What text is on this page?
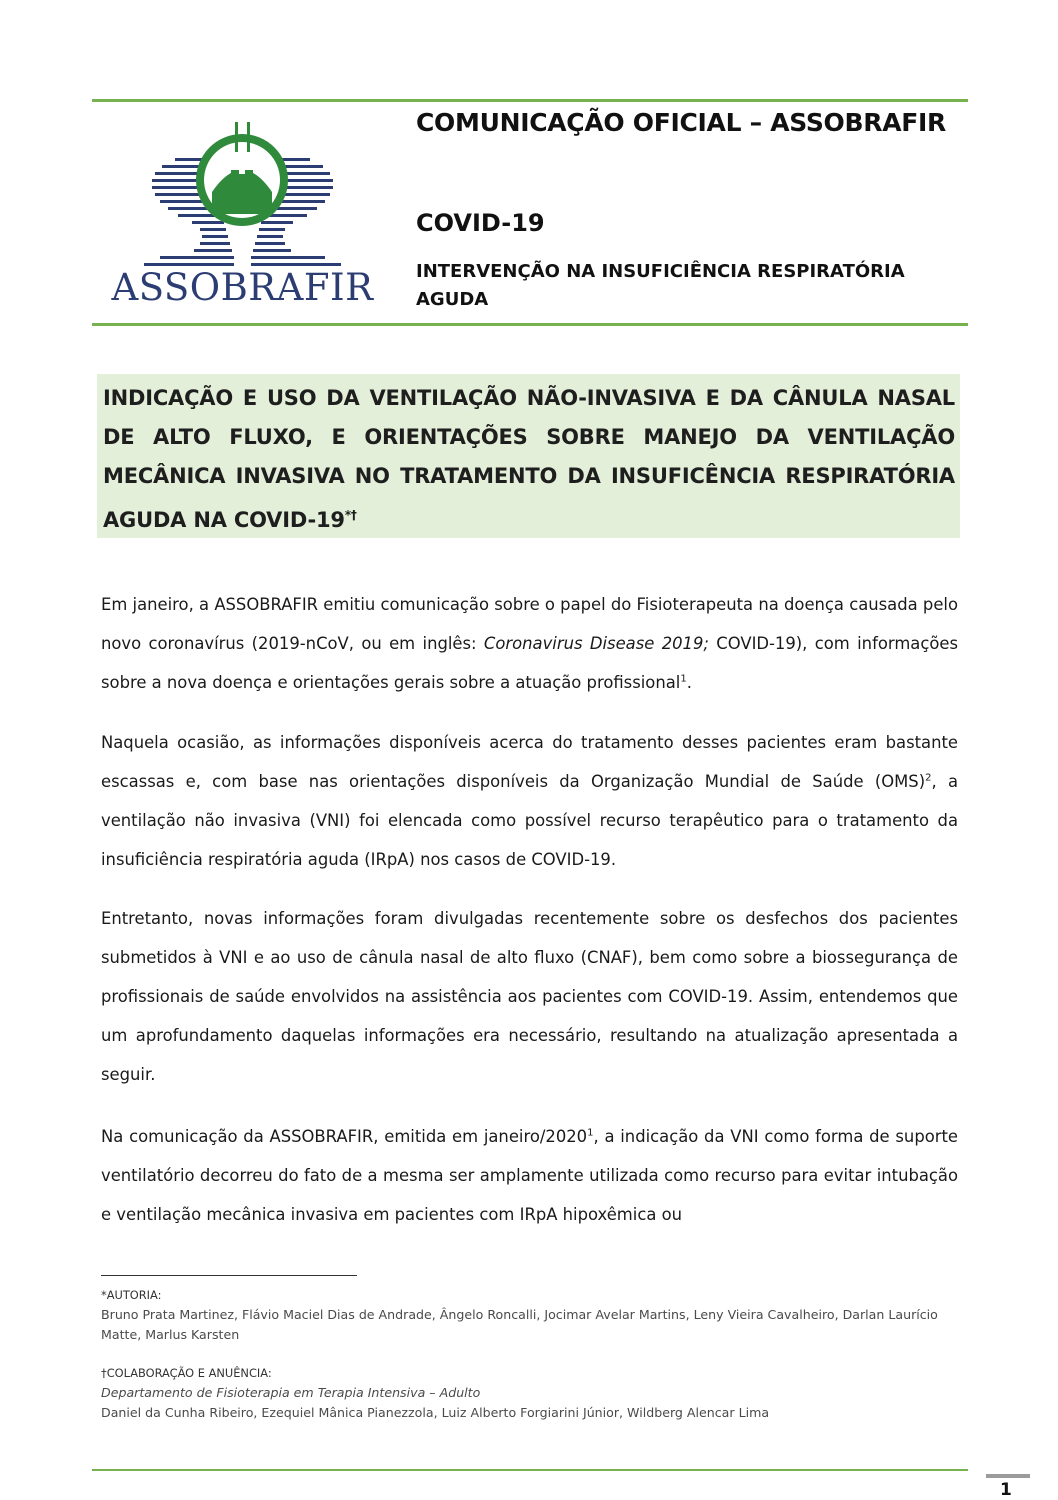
ASSOBRAFIR
COMUNICAÇÃO OFICIAL – ASSOBRAFIR
COVID-19
INTERVENÇÃO NA INSUFICIÊNCIA RESPIRATÓRIA AGUDA
INDICAÇÃO E USO DA VENTILAÇÃO NÃO-INVASIVA E DA CÂNULA NASAL DE ALTO FLUXO, E ORIENTAÇÕES SOBRE MANEJO DA VENTILAÇÃO MECÂNICA INVASIVA NO TRATAMENTO DA INSUFICÊNCIA RESPIRATÓRIA AGUDA NA COVID-19*†
Em janeiro, a ASSOBRAFIR emitiu comunicação sobre o papel do Fisioterapeuta na doença causada pelo novo coronavírus (2019-nCoV, ou em inglês: Coronavirus Disease 2019; COVID-19), com informações sobre a nova doença e orientações gerais sobre a atuação profissional$^1$.
Naquela ocasião, as informações disponíveis acerca do tratamento desses pacientes eram bastante escassas e, com base nas orientações disponíveis da Organização Mundial de Saúde (OMS)$^2$, a ventilação não invasiva (VNI) foi elencada como possível recurso terapêutico para o tratamento da insuficiência respiratória aguda (IRpA) nos casos de COVID-19.
Entretanto, novas informações foram divulgadas recentemente sobre os desfechos dos pacientes submetidos à VNI e ao uso de cânula nasal de alto fluxo (CNAF), bem como sobre a biossegurança de profissionais de saúde envolvidos na assistência aos pacientes com COVID-19. Assim, entendemos que um aprofundamento daquelas informações era necessário, resultando na atualização apresentada a seguir.
Na comunicação da ASSOBRAFIR, emitida em janeiro/2020$^1$, a indicação da VNI como forma de suporte ventilatório decorreu do fato de a mesma ser amplamente utilizada como recurso para evitar intubação e ventilação mecânica invasiva em pacientes com IRpA hipoxêmica ou
*AUTORIA:
Bruno Prata Martinez, Flávio Maciel Dias de Andrade, Ângelo Roncalli, Jocimar Avelar Martins, Leny Vieira Cavalheiro, Darlan Laurício Matte, Marlus Karsten
†COLABORAÇÃO E ANUÊNCIA:
Departamento de Fisioterapia em Terapia Intensiva – Adulto
Daniel da Cunha Ribeiro, Ezequiel Mânica Pianezzola, Luiz Alberto Forgiarini Júnior, Wildberg Alencar Lima
1
